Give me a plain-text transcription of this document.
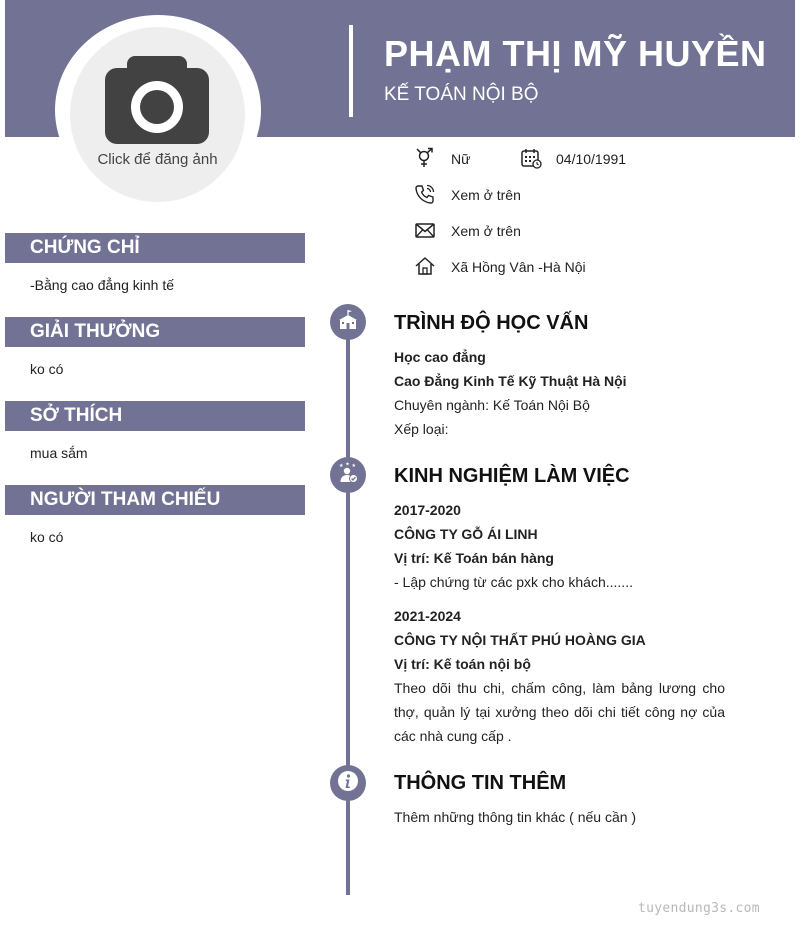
PHẠM THỊ MỸ HUYỀN
KẾ TOÁN NỘI BỘ
Click để đăng ảnh	Nữ	04/10/1991
Xem ở trên
Xem ở trên
Xã Hồng Vân -Hà Nội
CHỨNG CHỈ
-Bằng cao đẳng kinh tế
GIẢI THƯỞNG
ko có
SỞ THÍCH
mua sắm
NGƯỜI THAM CHIẾU
ko có
★ ★ ★
TRÌNH ĐỘ HỌC VẤN
Học cao đẳng
Cao Đẳng Kinh Tế Kỹ Thuật Hà Nội
Chuyên ngành: Kế Toán Nội Bộ
Xếp loại:
KINH NGHIỆM LÀM VIỆC
2017-2020
CÔNG TY GỖ ÁI LINH
Vị trí: Kế Toán bán hàng
- Lập chứng từ các pxk cho khách.......
2021-2024
CÔNG TY NỘI THẤT PHÚ HOÀNG GIA
Vị trí: Kế toán nội bộ
Theo dõi thu chi, chấm công, làm bảng lương cho thợ, quản lý tại xưởng theo dõi chi tiết công nợ của các nhà cung cấp .
THÔNG TIN THÊM
Thêm những thông tin khác ( nếu cần )
tuyendung3s.com
